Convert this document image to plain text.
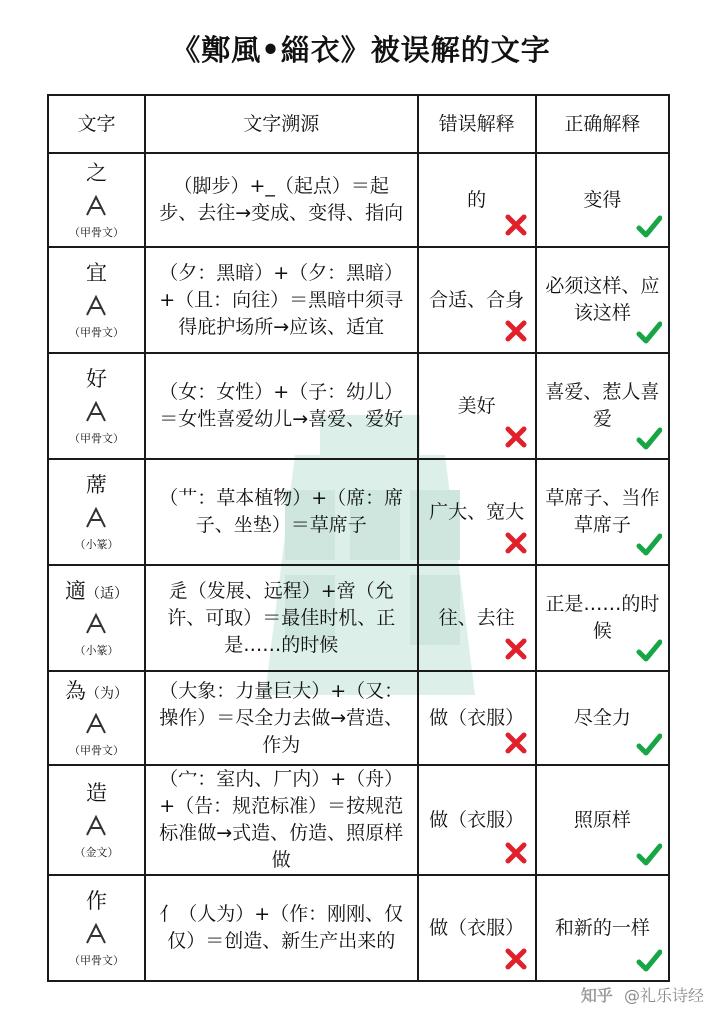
《鄭風•緇衣》被误解的文字
文字	文字溯源	错误解释	正确解释

之
（甲骨文）	（脚步）+_（起点）＝起步、去往→变成、变得、指向	的	变得

宜
（甲骨文）	（夕：黑暗）+（夕：黑暗）+（且：向往）＝黑暗中须寻得庇护场所→应该、适宜	合适、合身	必须这样、应该这样

好
（甲骨文）	（女：女性）+（子：幼儿）＝女性喜爱幼儿→喜爱、爱好	美好	喜爱、惹人喜爱

蓆
（小篆）	（艹：草本植物）+（席：席子、坐垫）＝草席子	广大、宽大	草席子、当作草席子

適（适）
（小篆）	辵（发展、远程）+啻（允许、可取）＝最佳时机、正是……的时候	往、去往	正是……的时候

為（为）
（甲骨文）	（大象：力量巨大）+（又：操作）＝尽全力去做→营造、作为	做（衣服）	尽全力

造
（金文）	（宀：室内、厂内）+（舟）+（告：规范标准）＝按规范标准做→式造、仿造、照原样做	做（衣服）	照原样

作
（甲骨文）	亻（人为）+（作：刚刚、仅仅）＝创造、新生产出来的	做（衣服）	和新的一样
知乎 @礼乐诗经
